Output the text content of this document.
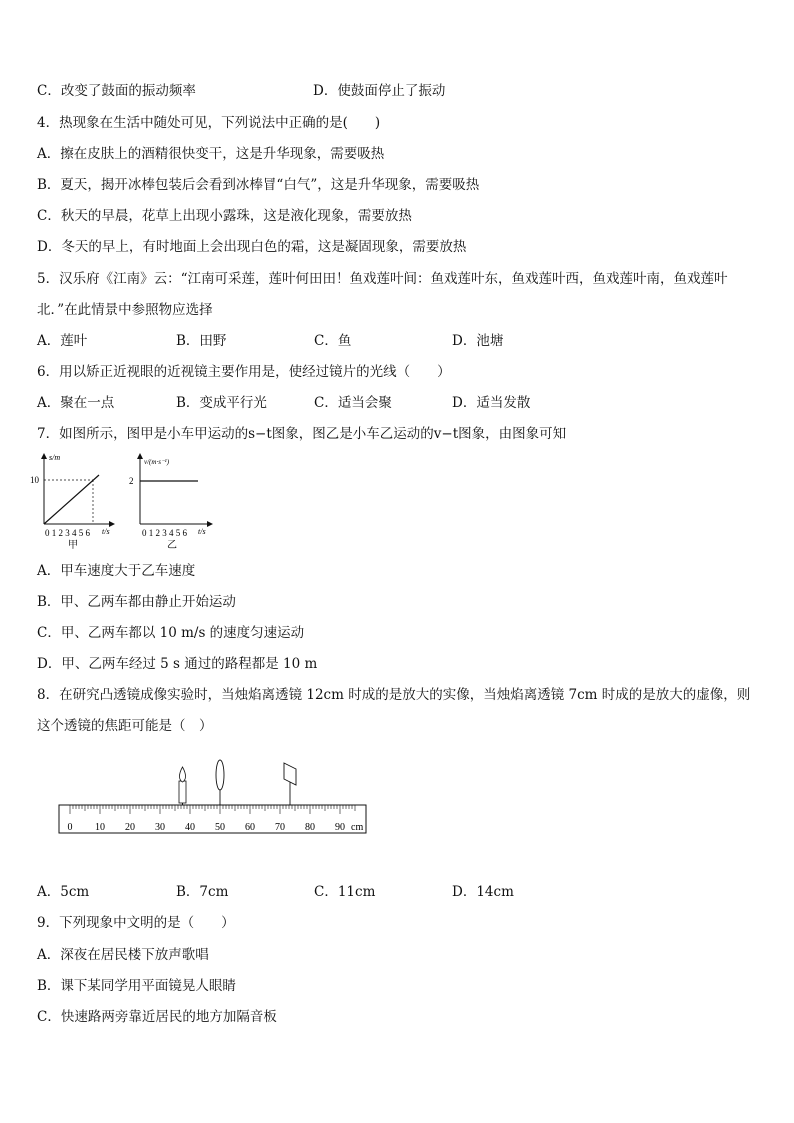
C．改变了鼓面的振动频率	D．使鼓面停止了振动
4．热现象在生活中随处可见，下列说法中正确的是(　　)
A．擦在皮肤上的酒精很快变干，这是升华现象，需要吸热
B．夏天，揭开冰棒包装后会看到冰棒冒“白气”，这是升华现象，需要吸热
C．秋天的早晨，花草上出现小露珠，这是液化现象，需要放热
D．冬天的早上，有时地面上会出现白色的霜，这是凝固现象，需要放热
5．汉乐府《江南》云：“江南可采莲，莲叶何田田！鱼戏莲叶间：鱼戏莲叶东，鱼戏莲叶西，鱼戏莲叶南，鱼戏莲叶
北．”在此情景中参照物应选择
A．莲叶	B．田野	C．鱼	D．池塘
6．用以矫正近视眼的近视镜主要作用是，使经过镜片的光线（　　）
A．聚在一点	B．变成平行光	C．适当会聚	D．适当发散
7．如图所示，图甲是小车甲运动的s−t图象，图乙是小车乙运动的v−t图象，由图象可知
s/m
10
0 1 2 3 4 5 6 t/s
甲
v/(m·s⁻¹)
2
0 1 2 3 4 5 6 t/s
乙
A．甲车速度大于乙车速度
B．甲、乙两车都由静止开始运动
C．甲、乙两车都以 10 m/s 的速度匀速运动
D．甲、乙两车经过 5 s 通过的路程都是 10 m
8．在研究凸透镜成像实验时，当烛焰离透镜 12cm 时成的是放大的实像，当烛焰离透镜 7cm 时成的是放大的虚像，则
这个透镜的焦距可能是（　）
0 10 20 30 40 50 60 70 80 90 cm
A．5cm	B．7cm	C．11cm	D．14cm
9．下列现象中文明的是（　　）
A．深夜在居民楼下放声歌唱
B．课下某同学用平面镜晃人眼睛
C．快速路两旁靠近居民的地方加隔音板
